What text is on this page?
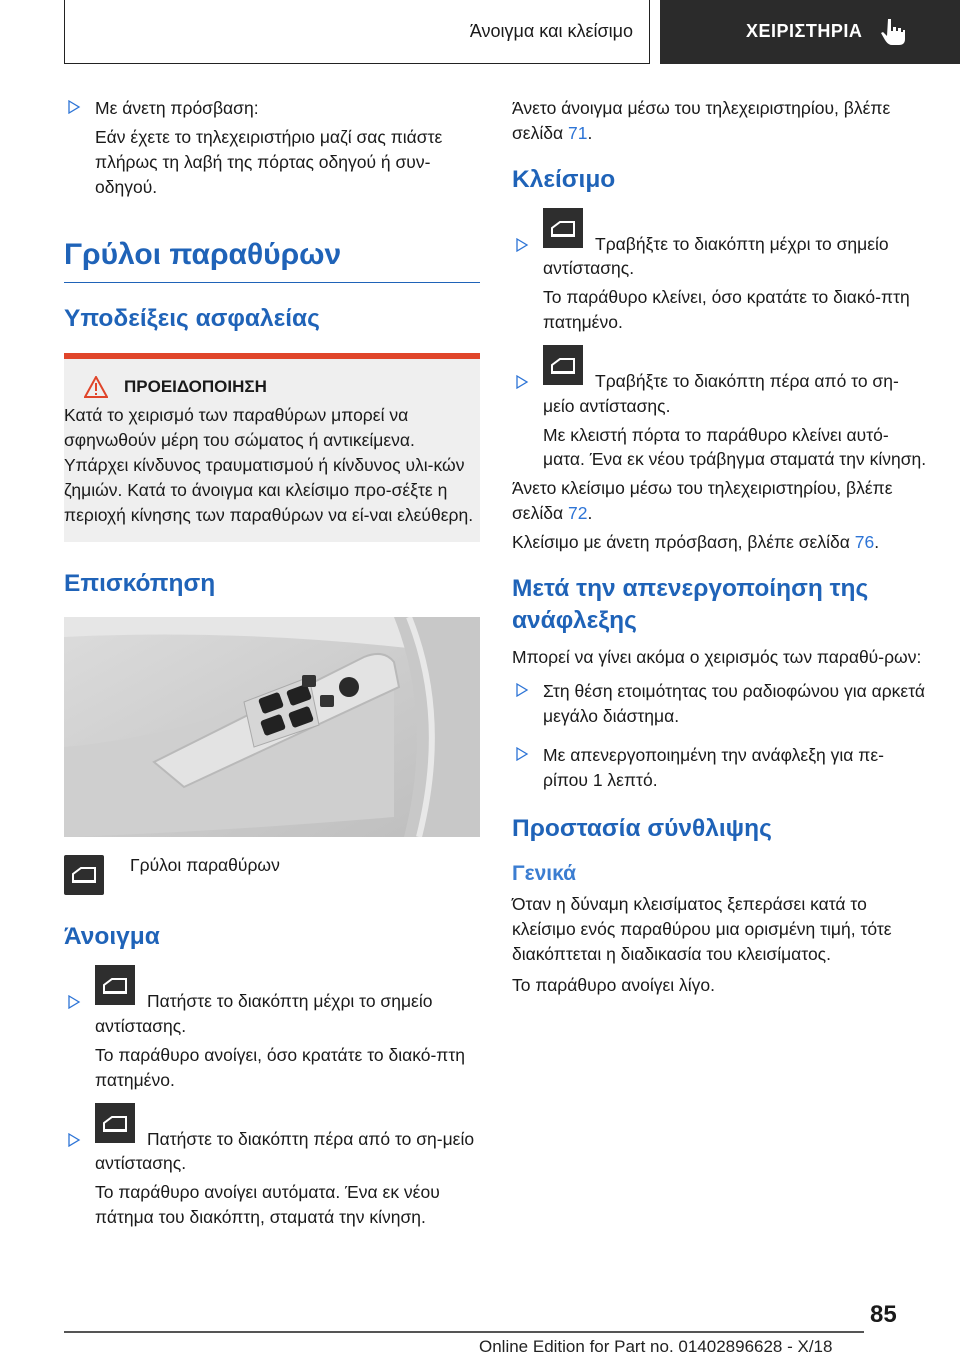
Άνοιγμα και κλείσιμο	ΧΕΙΡΙΣΤΗΡΙΑ
Με άνετη πρόσβαση:
Εάν έχετε το τηλεχειριστήριο μαζί σας πιάστε πλήρως τη λαβή της πόρτας οδηγού ή συν-οδηγού.
Γρύλοι παραθύρων
Υποδείξεις ασφαλείας
ΠΡΟΕΙΔΟΠΟΙΗΣΗ
Κατά το χειρισμό των παραθύρων μπορεί να σφηνωθούν μέρη του σώματος ή αντικείμενα. Υπάρχει κίνδυνος τραυματισμού ή κίνδυνος υλι-κών ζημιών. Κατά το άνοιγμα και κλείσιμο προ-σέξτε η περιοχή κίνησης των παραθύρων να εί-ναι ελεύθερη.
Επισκόπηση
Γρύλοι παραθύρων
Άνοιγμα
Πατήστε το διακόπτη μέχρι το σημείο αντίστασης.
Το παράθυρο ανοίγει, όσο κρατάτε το διακό-πτη πατημένο.
Πατήστε το διακόπτη πέρα από το ση-μείο αντίστασης.
Το παράθυρο ανοίγει αυτόματα. Ένα εκ νέου πάτημα του διακόπτη, σταματά την κίνηση.

Άνετο άνοιγμα μέσω του τηλεχειριστηρίου, βλέπε σελίδα 71.

Κλείσιμο
Τραβήξτε το διακόπτη μέχρι το σημείο αντίστασης.
Το παράθυρο κλείνει, όσο κρατάτε το διακό-πτη πατημένο.
Τραβήξτε το διακόπτη πέρα από το ση-μείο αντίστασης.
Με κλειστή πόρτα το παράθυρο κλείνει αυτό-ματα. Ένα εκ νέου τράβηγμα σταματά την κίνηση.

Άνετο κλείσιμο μέσω του τηλεχειριστηρίου, βλέπε σελίδα 72.

Κλείσιμο με άνετη πρόσβαση, βλέπε σελίδα 76.

Μετά την απενεργοποίηση της ανάφλεξης

Μπορεί να γίνει ακόμα ο χειρισμός των παραθύ-ρων:

Στη θέση ετοιμότητας του ραδιοφώνου για αρκετά μεγάλο διάστημα.
Με απενεργοποιημένη την ανάφλεξη για πε-ρίπου 1 λεπτό.
Προστασία σύνθλιψης
Γενικά

Όταν η δύναμη κλεισίματος ξεπεράσει κατά το κλείσιμο ενός παραθύρου μια ορισμένη τιμή, τότε διακόπτεται η διαδικασία του κλεισίματος.

Το παράθυρο ανοίγει λίγο.

85
Online Edition for Part no. 01402896628 - X/18
